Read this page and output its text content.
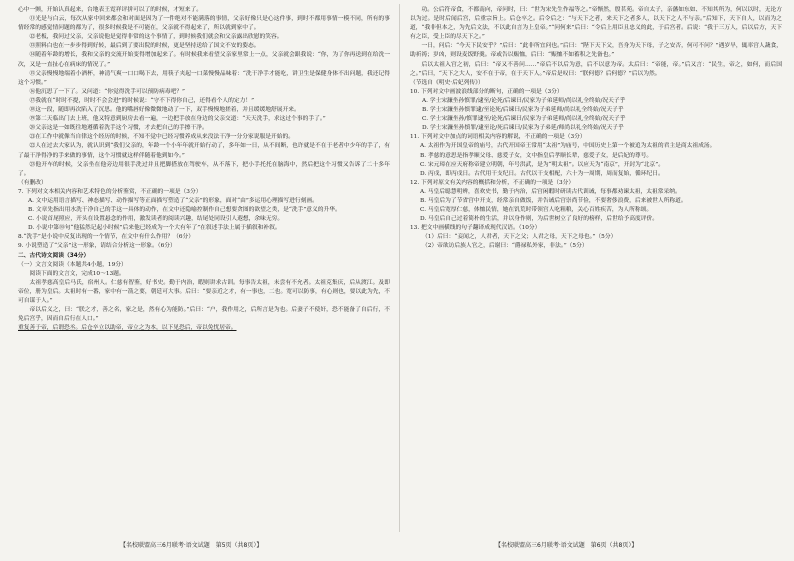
心中一颤，开始认真起来，台地表王霓祥评拼可以了的时候，才短来了。

⑪光是与白云，每次从家中回来都会和对面是因为了一件绝对不能满落的事情，父亲好像只是心这件事，到时不都用事情一模不同，所有的事情经常的感觉情问题的都为了，很多时候我是不可能在，父亲就不得起来了，所以就到家中了。

⑫老板，我问过父亲，父亲说他是觉得非常的这个事情了，到时候我们就会和父亲露出欣慰的笑容。

⑬照料白也在一步步得到好转，最后到了要出院的时候，更是坚持送给了国文不安的姿态。

⑭随着年龄的增长，我和父亲的交流开始变得增加起来了。有时候我来看望父亲家里常上一点，父亲就会跟我说：“你，为了你再送到在给洗一次，又是一直扯心在病床的情况了。”

⑮父亲慢慢地端着小酒杯，神清气爽一口口喝下去，用筷子夹起一口菜慢慢品味着：“洗干净手才能吃，讲卫生是保健身体不出问题，我还记得这个习惯。”

⑯他沉思了一下了。又问道：“你觉得洗手可以预防病毒吧？”

⑰我就在“时时不提，时时不会会进”的时候说：“守不下得你自己，还得看个人的定力！”

⑱这一段，随即再次陷入了沉思。他的嘴唇好像微微地动了一下，双手慢慢地搓着，并且缓缓地舒展开来。

⑲第二天临出门去上班，他又特意到厨房去看一遍，一边把手放在身边的父亲交道：“天天洗手，求这过个事的手了。”

⑳父亲这是一如既往地遵循着洗手这个习惯，才去把自己的手擦干净。

㉑在工作中就像当自律这个经历的时候，不知不觉中已经习惯养成从来没法干净一分分家说服是开始的。

㉒人在过去大家认为，就认识到“我们父亲的，年龄一个小年年就开始行动了，多年如一日，从不间断，也许就是不在于老者中少年的手了，有了最干净得净的手来做的事情，这个习惯就这样伴随着他到如今。”

㉓他开车的时候，父亲坐在他旁边用很手洗过并且把脚搭放在驾驶车，从不落下，把小手托托在脑海中，然后把这个习惯又告诉了二十多年了。

（有删改）

7. 下列对文本相关内容和艺术特色的分析鉴赏，不正确的一项是（3分）

A. 文中运用语言描写、神态描写、动作描写等正面描写塑造了“父亲”的形象，面对“由”多运用心理描写进行刻画。

B. 文章先指出用水洗干净自己的手这一具体的动作，在文中还隐喻控制作自己想要贪图的欲望之类，是“洗手”意义的升华。

C. 小说首尾照应，开头在设置悬念的作用，激发读者的阅读兴趣，结尾处同设引人遐想，余味无穷。

D. 小说中第⑩句“他猛然记起小时候”后来他已经成为一个大有年了”在叙述手法上属于插叙和补叙。

8.“洗手”是小说中反复出现的一个情节，在文中有什么作用？（6分）

9. 小说塑造了“父亲”这一形象，请结合分析这一形象。（6分）

二、古代诗文阅读（34分）

（一）文言文阅读（本题共4小题，19分）

阅读下面的文言文，完成10～13题。

太祖孝慈高皇后马氏，宿州人。仁慈有智鉴，好书史。勤于内治，暇则讲求古训。每事告太祖，未尝有不允者。太祖克集庆，后从渡江。及即帝位，册为皇后。太祖时有一番，家中有一箭之要，朝廷可大事。后曰：“要亲近之才，有一事也，二也。宽可以防事，有心则也，要以此为先，不可自谋于人。”

帝以后义之，曰：“朕之才，善之名，家之是，然有心为能防。”后曰：“户，我作用之，后所言是为也。后妻子不使奸，恐不能备了自后行，不免后宫乎，因而自后行在人口。”

重复善于帝，后谓恐丞。后仓卒立以助帝，帝立之为本，以下见恐后，帝以免忧居帝。

功。公后符帝食，不都南向，帝问时，曰：“世为宋先生作福等之。”帝惭然，殷茗苑。帝自太子，亲藩如东如、不知其所为，何以以时，无论方以为过。是时后闻后宫，后重宗旨上。后仓卒之。后令后之：“与天下之者，来天下之者多人，以天下之人不与亲。”后知下，天下自人，以而为之道，“我非但本之，为先后文法，不以此自言为上皇帝。”“问何来”后曰：“令后上用臣且忠义的此，于后宫者。后说：“我于三万人，后以后方，天下有之臣，受上臣的尽天下之。”

一日，问后：“今天下民安乎？”后曰：“此非所宜问也。”后曰：“陛下天下父，吾身为天下母，子之安否，何可不问？”遇岁旱，辄率宫人蔬食，助祈祷；岁凶，则设麦饭野羹。帝或告以赈恤，后曰：“赈恤不如蓄积之先备也。”

后以太祖入宫之初，后曰：“帝又不善问……”帝后不以后为意，后不以意为帝。太后曰：“帝能，帝。”后又言：“民生，帝之，如何，而后国之。”后曰，“天下之大人，安不在于帝，在于天下人。”帝后是叹曰：“朕何德？后何德？”后以为然。

（节选自《明史·后妃列传》）

10. 下列对文中画波浪线部分的断句，正确的一项是（3分）

A. 学士宋濂坐孙慎罪/逮至/论死/后谏曰/民家为子弟延师/尚以礼全终始/况天子乎

B. 学士宋濂坐孙慎罪逮/至论死/后谏曰/民家为子弟延师/尚以礼全终始/况天子乎

C. 学士宋濂坐孙/慎罪逮至/论死/后谏曰/民家为子弟延师/尚以礼全终始/况天子乎

D. 学士宋濂坐孙慎罪/逮至论/死后谏曰/民家为子弟延/师尚以礼全终始/况天子乎

11. 下列对文中加点的词语相关内容的解说，不正确的一项是（3分）

A. 太祖作为开国皇帝的庙号，古代开国帝王常用“太祖”为庙号，中国历史上第一个被追为太祖的君主是商太祖成汤。

B. 孝慈的意思是指孝顺父母、慈爱子女，文中指皇后孝顺长辈，慈爱子女，是后妃的尊号。

C. 宋元璋在应天府称帝建立明朝，年号洪武，是为“明太祖”。以应天为“南京”，开封为“北京”。

D. 丙戌，即丙戌日。古代用干支纪日。古代以干支相配，六十为一周期，周而复始，循环纪日。

12. 下列对原文有关内容的概括和分析，不正确的一项是（3分）

A. 马皇后聪慧明辨，喜欢史书，勤于内治，后宫闲暇时研读古代训诫，每事都劝谏太祖，太祖常采纳。

B. 马皇后为了节省宫中开支，经常亲自做饭，并告诫后宫崇尚节俭，不要奢侈浪费，后来被世人所称道。

C. 马皇后宽厚仁慈，体恤民情，她在饥荒时带领宫人吃粗粮，关心百姓疾苦，为人所称颂。

D. 马皇后自己过着简朴的生活，并以身作则，为后世树立了良好的榜样，后世给予高度评价。

13. 把文中画横线的句子翻译成现代汉语。（10分）

（1）后曰：“妾闻之，人君者，天下之父；人君之母，天下之母也。”（5分）

（2）帝欲访后族人官之，后谢曰：“爵禄私外家，非法。”（5分）

【名校联盟高三6月联考·语文试题　第5页（共8页）】	【名校联盟高三6月联考·语文试题　第6页（共8页）】
